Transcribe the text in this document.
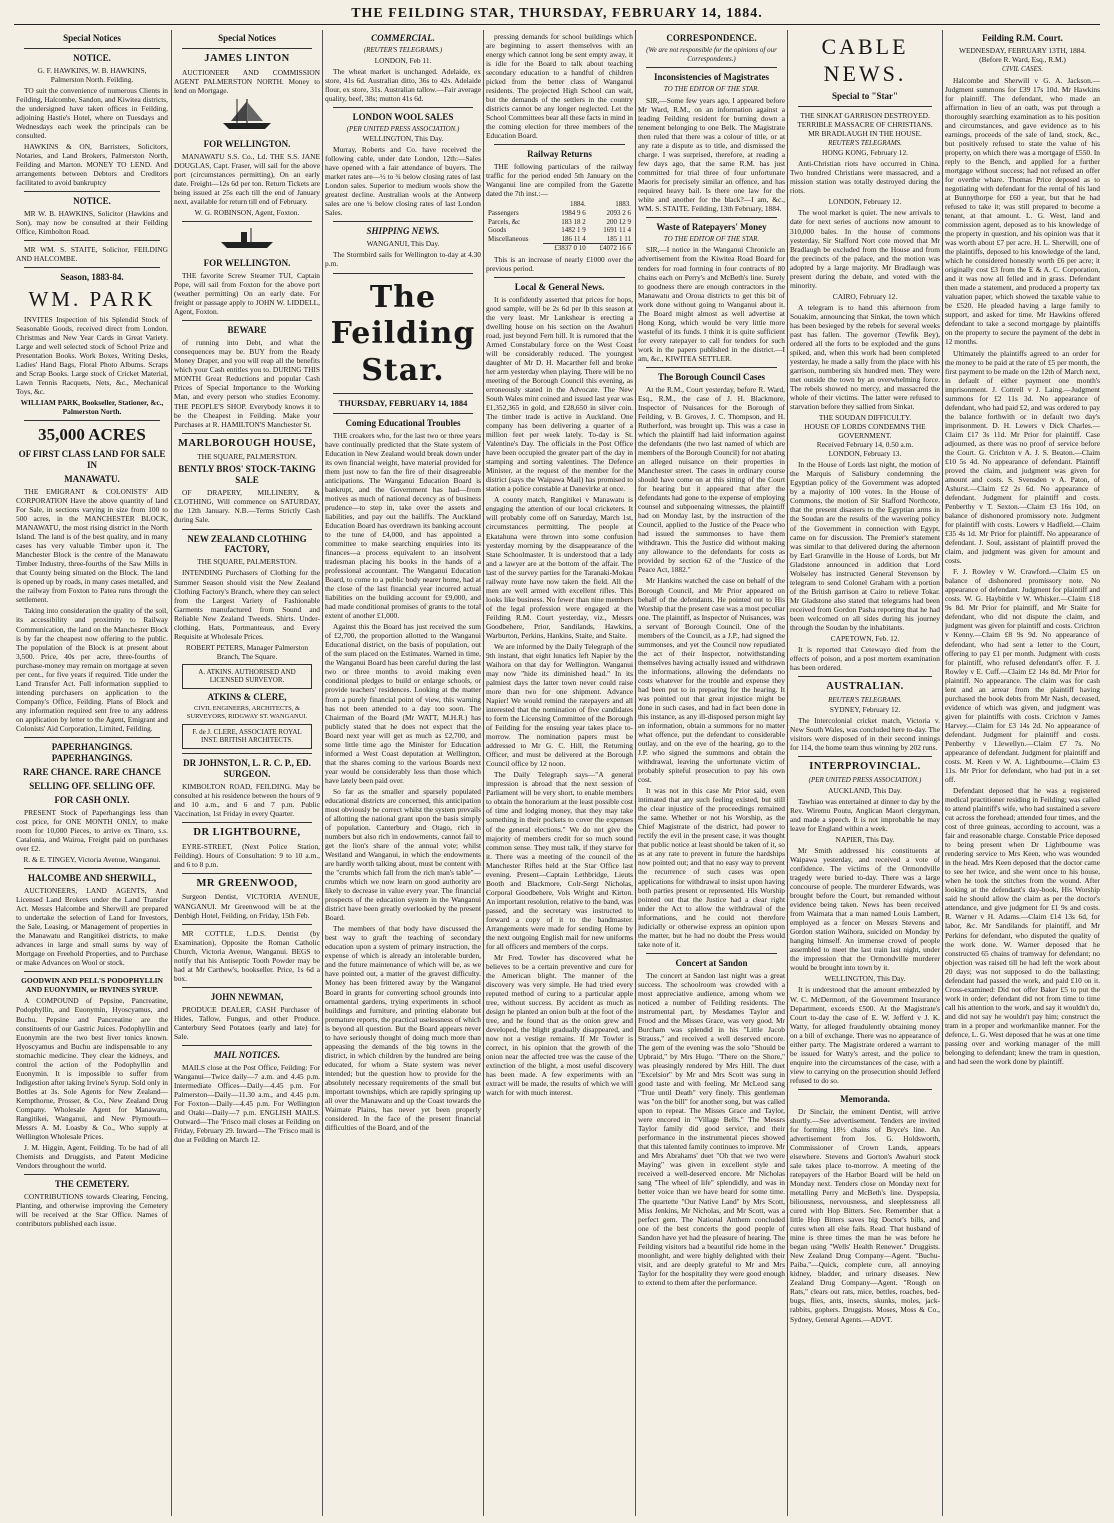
THE FEILDING STAR, THURSDAY, FEBRUARY 14, 1884.
Special Notices
NOTICE.
G. F. HAWKINS, W. B. HAWKINS,
Palmerston North. Feilding.
TO suit the convenience of numerous Clients in Feilding, Halcombe, Sandon, and Kiwitea districts, the undersigned have taken offices in Feilding, adjoining Hastie's Hotel, where on Tuesdays and Wednesdays each week the principals can be consulted.
HAWKINS & ON, Barristers, Solicitors, Notaries, and Land Brokers, Palmerston North, Feilding and Marton. MONEY TO LEND. And arrangements between Debtors and Creditors facilitated to avoid bankruptcy
NOTICE.
MR W. B. HAWKINS, Solicitor (Hawkins and Son), may now be consulted at their Feilding Office, Kimbolton Road.
MR WM. S. STAITE, Solicitor, FEILDING AND HALCOMBE.
Season, 1883-84.
WM. PARK
INVITES Inspection of his Splendid Stock of Seasonable Goods, received direct from London. Christmas and New Year Cards in Great Variety. Large and well selected stock of School Prize and Presentation Books. Work Boxes, Writing Desks, Ladies' Hand Bags, Floral Photo Albums. Scraps and Scrap Books. Large stock of Cricket Material, Lawn Tennis Racquets, Nets, &c., Mechanical Toys, &c.
WILLIAM PARK, Bookseller, Stationer, &c., Palmerston North.
35,000 ACRES
OF FIRST CLASS LAND FOR SALE IN
MANAWATU.
THE EMIGRANT & COLONISTS' AID CORPORATION Have the above quantity of land For Sale, in sections varying in size from 100 to 500 acres, in the MANCHESTER BLOCK, MANAWATU, the most rising district in the North Island. The land is of the best quality, and in many cases has very valuable Timber upon it. The Manchester Block is the centre of the Manawatu Timber Industry, three-fourths of the Saw Mills in that County being situated on the Block. The land is opened up by roads, in many cases metalled, and the railway from Foxton to Patea runs through the settlement.
Taking into consideration the quality of the soil, its accessibility and proximity to Railway Communication, the land on the Manchester Block is by far the cheapest now offering to the public. The population of the Block is at present about 3,500. Price, 40s per acre, three-fourths of purchase-money may remain on mortgage at seven per cent., for five years if required. Title under the Land Transfer Act. Full information supplied to intending purchasers on application to the Company's Office, Feilding. Plans of Block and any information required sent free to any address on application by letter to the Agent, Emigrant and Colonists' Aid Corporation, Limited, Feilding.
PAPERHANGINGS. PAPERHANGINGS.
RARE CHANCE. RARE CHANCE
SELLING OFF. SELLING OFF.
FOR CASH ONLY.
PRESENT Stock of Paperhangings less than cost price, for ONE MONTH ONLY, to make room for 10,000 Pieces, to arrive ex Tinaro, s.s. Catalonia, and Wairoa, Freight paid on purchases over £2.
R. & E. TINGEY, Victoria Avenue, Wanganui.
HALCOMBE AND SHERWILL,
AUCTIONEERS, LAND AGENTS, And Licensed Land Brokers under the Land Transfer Act. Messrs Halcombe and Sherwill are prepared to undertake the selection of Land for Investors, the Sale, Leasing, or Management of properties in the Manawatu and Rangitikei districts, to make advances in large and small sums by way of Mortgage on Freehold Properties, and to Purchase or make Advances on Wool or stock.
GOODWIN AND PELL'S PODOPHYLLIN AND EUONYMIN, or IRVINES SYRUP.
A COMPOUND of Pepsine, Pancreatine, Podophyllin, and Euonymin, Hyoscyamus, and Buchu. Pepsine and Pancreatine are the constituents of our Gastric Juices. Podophyllin and Euonymin are the two best liver tonics known. Hyoscyamus and Buchu are indispensable to any stomachic medicine. They clear the kidneys, and control the action of the Podophyllin and Euonymin. It is impossible to suffer from Indigestion after taking Irvine's Syrup. Sold only in Bottles at 3s. Sole Agents for New Zealand—Kempthorne, Prosser, & Co., New Zealand Drug Company. Wholesale Agent for Manawatu, Rangitikei, Wanganui, and New Plymouth—Messrs A. M. Loasby & Co., Who supply at Wellington Wholesale Prices.
J. M. Higgin, Agent, Feilding. To be had of all Chemists and Druggists, and Patent Medicine Vendors throughout the world.
THE CEMETERY.
CONTRIBUTIONS towards Clearing, Fencing, Planting, and otherwise improving the Cemetery will be received at the Star Office. Names of contributors published each issue.
Special Notices
JAMES LINTON
AUCTIONEER AND COMMISSION AGENT PALMERSTON NORTH. Money to lend on Mortgage.
FOR WELLINGTON.
MANAWATU S.S. Co., Ld. THE S.S. JANE DOUGLAS, Capt. Fraser, will sail for the above port (circumstances permitting), On an early date. Freight—12s 6d per ton. Return Tickets are being issued at 25s each till the end of January next, available for return till end of February.
W. G. ROBINSON, Agent, Foxton.
FOR WELLINGTON.
THE favorite Screw Steamer TUI, Captain Pope, will sail from Foxton for the above port (weather permitting) On an early date. For freight or passage apply to JOHN W. LIDDELL, Agent, Foxton.
BEWARE
of running into Debt, and what the consequences may be. BUY from the Ready Money Draper, and you will reap all the benefits which your Cash entitles you to. DURING THIS MONTH Great Reductions and popular Cash Prices of Special Importance to the Working Man, and every person who studies Economy. THE PEOPLE'S SHOP. Everybody knows it to be the Cheapest in Feilding. Make your Purchases at R. HAMILTON'S Manchester St.
MARLBOROUGH HOUSE,
THE SQUARE, PALMERSTON.
BENTLY BROS' STOCK-TAKING SALE
OF DRAPERY, MILLINERY, & CLOTHING, Will commence on SATURDAY, the 12th January. N.B.—Terms Strictly Cash during Sale.
NEW ZEALAND CLOTHING FACTORY,
THE SQUARE, PALMERSTON.
INTENDING Purchasers of Clothing for the Summer Season should visit the New Zealand Clothing Factory's Branch, where they can select from the Largest Variety of Fashionable Garments manufactured from Sound and Reliable New Zealand Tweeds. Shirts. Under-clothing, Hats, Portmanteaus, and Every Requisite at Wholesale Prices.
ROBERT PETERS, Manager Palmerston Branch, The Square.
A. ATKINS. AUTHORISED AND LICENSED SURVEYOR.
ATKINS & CLERE,
CIVIL ENGINEERS, ARCHITECTS, & SURVEYORS, RIDGWAY ST. WANGANUI.
F. de J. CLERE, ASSOCIATE ROYAL INST. BRITISH ARCHITECTS.
DR JOHNSTON, L. R. C. P., ED. SURGEON.
KIMBOLTON ROAD, FEILDING. May be consulted at his residence between the hours of 9 and 10 a.m., and 6 and 7 p.m. Public Vaccination, 1st Friday in every Quarter.
DR LIGHTBOURNE,
EYRE-STREET, (Next Police Station, Feilding). Hours of Consultation: 9 to 10 a.m., and 6 to 8 p.m.
MR GREENWOOD,
Surgeon Dentist, VICTORIA AVENUE, WANGANUI. Mr Greenwood will be at the Denbigh Hotel, Feilding, on Friday, 15th Feb.
MR COTTLE, L.D.S. Dentist (by Examination), Opposite the Roman Catholic Church, Victoria Avenue, Wanganui. BEGS to notify that his Antiseptic Tooth Powder may be had at Mr Carthew's, bookseller. Price, 1s 6d a box.
JOHN NEWMAN,
PRODUCE DEALER, CASH Purchaser of Hides, Tallow, Fungus, and other Produce. Canterbury Seed Potatoes (early and late) for Sale.
MAIL NOTICES.
MAILS close at the Post Office, Feilding: For Wanganui—Twice daily—7 a.m. and 4.45 p.m. Intermediate Offices—Daily—4.45 p.m. For Palmerston—Daily—11.30 a.m., and 4.45 p.m. For Foxton—Daily—4.45 p.m. For Wellington and Otaki—Daily—7 p.m. ENGLISH MAILS. Outward—The 'Frisco mail closes at Feilding on Friday, February 29. Inward—The 'Frisco mail is due at Feilding on March 12.
COMMERCIAL.
(REUTER'S TELEGRAMS.)
LONDON, Feb 11.
The wheat market is unchanged. Adelaide, ex store, 41s 6d. Australian ditto, 36s to 42s. Adelaide flour, ex store, 31s. Australian tallow.—Fair average quality, beef, 38s; mutton 41s 6d.
LONDON WOOL SALES
(PER UNITED PRESS ASSOCIATION.)
WELLINGTON, This Day.
Murray, Roberts and Co. have received the following cable, under date London, 12th:—Sales have opened with a fair attendance of buyers. The market rates are—½ to ¾ below closing rates of last London sales. Superior to medium wools show the greatest decline. Australian wools at the Antwerp sales are one ¼ below closing rates of last London Sales.
SHIPPING NEWS.
WANGANUI, This Day.
The Stormbird sails for Wellington to-day at 4.30 p.m.
The Feilding Star.
THURSDAY, FEBRUARY 14, 1884
Coming Educational Troubles
THE croakers who, for the last two or three years have continually predicted that the State system of Education in New Zealand would break down under its own financial weight, have material provided for them just now to fan the fire of their disagreeable anticipations. The Wanganui Education Board is bankrupt, and the Government has had—from motives as much of national decency as of business prudence—to step in, take over the assets and liabilities, and pay out the bailiffs. The Auckland Education Board has overdrawn its banking account to the tune of £4,000, and has appointed a committee to make searching enquiries into its finances—a process equivalent to an insolvent tradesman placing his books in the hands of a professional accountant. The Wanganui Education Board, to come to a public body nearer home, had at the close of the last financial year incurred actual liabilities on the building account for £9,000, and had made conditional promises of grants to the total extent of another £1,000.
Against this the Board has just received the sum of £2,700, the proportion allotted to the Wanganui Educational district, on the basis of population, out of the sum placed on the Estimates. Warned in time, the Wanganui Board has been careful during the last two or three months to avoid making even conditional pledges to build or enlarge schools, or provide teachers' residences. Looking at the matter from a purely financial point of view, this warning has not been attended to a day too soon. The Chairman of the Board (Mr WATT, M.H.R.) has publicly stated that he does not expect that the Board next year will get as much as £2,700, and some little time ago the Minister for Education informed a West Coast deputation at Wellington, that the shares coming to the various Boards next year would be considerably less than those which have lately been paid over.
So far as the smaller and sparsely populated educational districts are concerned, this anticipation most obviously be correct whilst the system prevails of allotting the national grant upon the basis simply of population. Canterbury and Otago, rich in numbers but also rich in endowments, cannot fail to get the lion's share of the annual vote; whilst Westland and Wanganui, in which the endowments are hardly worth talking about, must be content with the "crumbs which fall from the rich man's table"—crumbs which we now learn on good authority are likely to decrease in value every year. The financial prospects of the education system in the Wanganui district have been greatly overlooked by the present Board.
The members of that body have discussed the best way to graft the teaching of secondary education upon a system of primary instruction, the expense of which is already an intolerable burden, and the future maintenance of which will be, as we have pointed out, a matter of the gravest difficulty. Money has been frittered away by the Wanganui Board in grants for converting school grounds into ornamental gardens, trying experiments in school buildings and furniture, and printing elaborate but premature reports, the practical uselessness of which is beyond all question. But the Board appears never to have seriously thought of doing much more than appeasing the demands of the big towns in the district, in which children by the hundred are being educated, for whom a State system was never intended; but the question how to provide for the absolutely necessary requirements of the small but important townships, which are rapidly springing up all over the Manawatu and up the Coast towards the Waimate Plains, has never yet been properly considered. In the face of the present financial difficulties of the Board, and of the
pressing demands for school buildings which are beginning to assert themselves with an energy which cannot long be sent empty away, it is idle for the Board to talk about teaching secondary education to a handful of children picked from the better class of Wanganui residents. The projected High School can wait, but the demands of the settlers in the country districts cannot be any longer neglected. Let the School Committees bear all these facts in mind in the coming election for three members of the Education Board.
Railway Returns
THE following particulars of the railway traffic for the period ended 5th January on the Wanganui line are compiled from the Gazette dated the 7th inst.:—
	1884.	1883.
Passengers	1984 9 6	2093 2 6
Parcels, &c	183 18 2	200 12 9
Goods	1482 1 9	1691 11 4
Miscellaneous	186 11 4	185 1 11
	£3837 0 10	£4072 16 6
This is an increase of nearly £1000 over the previous period.
Local & General News.
It is confidently asserted that prices for hops, good sample, will be 2s 6d per lb this season at the very least. Mr Lankshear is erecting a dwelling house on his section on the Awahuri road, just beyond Fern hill. It is rumored that the Armed Constabulary force on the West Coast will be considerably reduced. The youngest daughter of Mr D. H. Macarther fell and broke her arm yesterday when playing. There will be no meeting of the Borough Council this evening, as erroneously stated in the Advocate. The New South Wales mint coined and issued last year was £1,352,365 in gold, and £28,650 in silver coin. The timber trade is active in Auckland. One company has been delivering a quarter of a million feet per week lately. To-day is St. Valentine's Day. The officials in the Post Office have been occupied the greater part of the day in stamping and sorting valentines. The Defence Minister, at the request of the member for the district (says the Waipawa Mail) has promised to station a police constable at Danevirke at once.
A county match, Rangitikei v Manawatu is engaging the attention of our local cricketers. It will probably come off on Saturday, March 1st, circumstances permitting. The people at Ekatahuna were thrown into some confusion yesterday morning by the disappearance of the State Schoolmaster. It is understood that a lady and a lawyer are at the bottom of the affair. The last of the survey parties for the Taranaki-Mokau railway route have now taken the field. All the men are well armed with excellent rifles. This looks like business. No fewer than nine members of the legal profession were engaged at the Feilding R.M. Court yesterday, viz., Messrs Goodbehere, Prior, Sandilands, Hawkins, Warburton, Perkins, Hankins, Staite, and Staite.
We are informed by the Daily Telegraph of the 9th instant, that eight lunatics left Napier by the Waihora on that day for Wellington. Wanganui may now "hide its diminished head." In its palmiest days the latter town never could raise more than two for one shipment. Advance Napier! We would remind the ratepayers and all interested that the nomination of five candidates to form the Licensing Committee of the Borough of Feilding for the ensuing year takes place to-morrow. The nomination papers must be addressed to Mr G. C. Hill, the Returning Officer, and must be delivered at the Borough Council office by 12 noon.
The Daily Telegraph says—"A general impression is abroad that the next session of Parliament will be very short, to enable members to obtain the honorarium at the least possible cost of time and lodging money, that they may take something in their pockets to cover the expenses of the general elections." We do not give the majority of members credit for so much sound common sense. They must talk, if they starve for it. There was a meeting of the council of the Manchester Rifles held at the Star Office last evening. Present—Captain Lethbridge, Lieuts Booth and Blackmore, Colr-Sergt Nicholas, Corporal Goodbehere, Vols Wright and Kirton. An important resolution, relative to the band, was passed, and the secretary was instructed to forward a copy of it to the bandmaster. Arrangements were made for sending Home by the next outgoing English mail for new uniforms for all officers and members of the corps.
Mr Fred. Towler has discovered what he believes to be a certain preventive and cure for the American blight. The manner of the discovery was very simple. He had tried every reputed method of curing to a particular apple tree, without success. By accident as much as design he planted an onion bulb at the foot of the tree, and he found that as the onion grew and developed, the blight gradually disappeared, and now not a vestige remains. If Mr Towler is correct, in his opinion that the growth of the onion near the affected tree was the cause of the extinction of the blight, a most useful discovery has been made. A few experiments with an extract will be made, the results of which we will watch for with much interest.
CORRESPONDENCE.
(We are not responsible for the opinions of our Correspondents.)
Inconsistencies of Magistrates
TO THE EDITOR OF THE STAR.
SIR,—Some few years ago, I appeared before Mr Ward, R.M., on an information against a leading Feilding resident for burning down a tenement belonging to one Belk. The Magistrate then ruled that there was a colour of title, or at any rate a dispute as to title, and dismissed the charge. I was surprised, therefore, at reading a few days ago, that the same R.M. has just committed for trial three of four unfortunate Maoris for precisely similar an offence, and has required heavy bail. Is there one law for the white and another for the black?—I am, &c., WM. S. STAITE. Feilding, 13th February, 1884.
Waste of Ratepayers' Money
TO THE EDITOR OF THE STAR.
SIR,—I notice in the Wanganui Chronicle an advertisement from the Kiwitea Road Board for tenders for road forming in four contracts of 80 chains each on Perry's and McBeth's line. Surely to goodness there are enough contractors in the Manawatu and Oroua districts to get this bit of work done without going to Wanganui about it. The Board might almost as well advertise at Hong Kong, which would be very little more wasteful of its funds. I think it is quite sufficient for every ratepayer to call for tenders for such work in the papers published in the district.—I am, &c., KIWITEA SETTLER.
The Borough Council Cases
At the R.M., Court yesterday, before R. Ward, Esq., R.M., the case of J. H. Blackmore, Inspector of Nuisances for the Borough of Feilding, v. B. Groves, J. C. Thompson, and H. Rutherford, was brought up. This was a case in which the plaintiff had laid information against the defendants (the two last named of which are members of the Borough Council) for not abating an alleged nuisance on their properties in Manchester street. The cases in ordinary course should have come on at this sitting of the Court for hearing but it appeared that after the defendants had gone to the expense of employing counsel and subpoenaing witnesses, the plaintiff had on Monday last, by the instruction of the Council, applied to the Justice of the Peace who had issued the summonses to have them withdrawn. This the Justice did without making any allowance to the defendants for costs as provided by section 62 of the "Justice of the Peace Act, 1882."
Mr Hankins watched the case on behalf of the Borough Council, and Mr Prior appeared on behalf of the defendants. He pointed out to His Worship that the present case was a most peculiar one. The plaintiff, as Inspector of Nuisances, was a servant of Borough Council. One of the members of the Council, as a J.P., had signed the summonses, and yet the Council now repudiated the act of their Inspector, notwithstanding themselves having actually issued and withdrawn the informations, allowing the defendants no costs whatever for the trouble and expense they had been put to in preparing for the hearing. It was pointed out that great injustice might be done in such cases, and had in fact been done in this instance, as any ill-disposed person might lay an information, obtain a summons for no matter what offence, put the defendant to considerable outlay, and on the eve of the hearing, go to the J.P. who signed the summons and obtain the withdrawal, leaving the unfortunate victim of probably spiteful prosecution to pay his own cost.
It was not in this case Mr Prior said, even intimated that any such feeling existed, but still the clear injustice of the proceedings remained the same. Whether or not his Worship, as the Chief Magistrate of the district, had power to rectify the evil in the present case, it was thought that public notice at least should be taken of it, so as at any rate to prevent in future the hardships now pointed out; and that no easy way to prevent the recurrence of such cases was open applications for withdrawal to insist upon having both parties present or represented. His Worship pointed out that the Justice had a clear right under the Act to allow the withdrawal of the informations, and he could not therefore judicially or otherwise express an opinion upon the matter, but he had no doubt the Press would take note of it.
Concert at Sandon
The concert at Sandon last night was a great success. The schoolroom was crowded with a most appreciative audience, among whom we noticed a number of Feilding residents. The instrumental part, by Mesdames Taylor and Frood and the Misses Grace, was very good. Mr Burcham was splendid in his "Little Jacob Strauss," and received a well deserved encore. The gem of the evening was the solo "Should be Upbraid," by Mrs Hugo. "There on the Shore," was pleasingly rendered by Mrs Hill. The duet "Excelsior" by Mr and Mrs Scott was sung in good taste and with feeling. Mr McLeod sang "True until Death" very finely. This gentleman was "on the bill" for another song, but was called upon to repeat. The Misses Grace and Taylor, were encored in "Village Bells." The Messrs Taylor family did good service, and their performance in the instrumental pieces showed that this talented family continues to improve. Mr and Mrs Abrahams' duet "Oh that we two were Maying" was given in excellent style and received a well-deserved encore. Mr Nicholas sang "The wheel of life" splendidly, and was in better voice than we have heard for some time. The quartette "Our Native Land" by Mrs Scott, Miss Jenkins, Mr Nicholas, and Mr Scott, was a perfect gem. The National Anthem concluded one of the best concerts the good people of Sandon have yet had the pleasure of hearing. The Feilding visitors had a beautiful ride home in the moonlight, and were highly delighted with their visit, and are deeply grateful to Mr and Mrs Taylor for the hospitality they were good enough to extend to them after the performance.
CABLE NEWS.
Special to "Star"
THE SINKAT GARRISON DESTROYED.
TERRIBLE MASSACRE OF CHRISTIANS.
MR BRADLAUGH IN THE HOUSE.
REUTER'S TELEGRAMS.
HONG KONG, February 12.
Anti-Christian riots have occurred in China. Two hundred Christians were massacred, and a mission station was totally destroyed during the riots.
LONDON, February 12.
The wool market is quiet. The new arrivals to date for next series of auctions now amount to 310,000 bales. In the house of commons yesterday, Sir Stafford Nort cote moved that Mr Bradlaugh be excluded from the House and from the precincts of the palace, and the motion was adopted by a large majority. Mr Bradlaugh was present during the debate, and voted with the minority.
CAIRO, February 12.
A telegram is to hand this afternoon from Souakim, announcing that Sinkat, the town which has been besieged by the rebels for several weeks past has fallen. The governor (Tewfik Bey), ordered all the forts to be exploded and the guns spiked, and, when this work had been completed yesterday, he made a sally from the place with his garrison, numbering six hundred men. They were met outside the town by an overwhelming force. The rebels showed no mercy, and massacred the whole of their victims. The latter were refused to starvation before they sallied from Sinkat.
THE SOUDAN DIFFICULTY.
HOUSE OF LORDS CONDEMNS THE GOVERNMENT.
Received February 14, 0.50 a.m.
LONDON, February 13.
In the House of Lords last night, the motion of the Marquis of Salisbury condemning the Egyptian policy of the Government was adopted by a majority of 100 votes. In the House of Commons, the motion of Sir Stafford Northcote, that the present disasters to the Egyptian arms in the Soudan are the results of the wavering policy of the Government in connection with Egypt, came on for discussion. The Premier's statement was similar to that delivered during the afternoon by Earl Granville in the House of Lords, but Mr Gladstone announced in addition that Lord Wolseley has instructed General Stevenson by telegram to send Colonel Graham with a portion of the British garrison at Cairo to relieve Tokar. Mr Gladstone also stated that telegrams had been received from Gordon Pasha reporting that he had been welcomed on all sides during his journey through the Soudan by the inhabitants.
CAPETOWN, Feb. 12.
It is reported that Cetewayo died from the effects of poison, and a post mortem examination has been ordered.
AUSTRALIAN.
REUTER'S TELEGRAMS.
SYDNEY, February 12.
The Intercolonial cricket match, Victoria v. New South Wales, was concluded here to-day. The visitors were disposed of in their second innings for 114, the home team thus winning by 202 runs.
INTERPROVINCIAL.
(PER UNITED PRESS ASSOCIATION.)
AUCKLAND, This Day.
Tawhiao was entertained at dinner to day by the Rev. Wiremu Poutu, Anglican Maori clergyman, and made a speech. It is not improbable he may leave for England within a week.
NAPIER, This Day.
Mr Smith addressed his constituents at Waipawa yesterday, and received a vote of confidence. The victims of the Ormondville tragedy were buried to-day. There was a large concourse of people. The murderer Edwards, was brought before the Court, but remanded without evidence being taken. News has been received from Waimata that a man named Louis Lambert, employed as a fencer on Messrs Stevens and Gordon station Waihora, suicided on Monday by hanging himself. An immense crowd of people assembled to meet the last train last night, under the impression that the Ormondville murderer would be brought into town by it.
WELLINGTON, This Day.
It is understood that the amount embezzled by W. C. McDermott, of the Government Insurance Department, exceeds £500. At the Magistrate's Court to-day the case of E. W. Jefferd v J. K. Watty, for alleged fraudulently obtaining money on a bill of exchange. There was no appearance of either party. The Magistrate ordered a warrant to be issued for Watty's arrest, and the police to enquire into the circumstances of the case, with a view to carrying on the prosecution should Jefferd refused to do so.
Memoranda.
Dr Sinclair, the eminent Dentist, will arrive shortly.—See advertisement. Tenders are invited for forming 18½ chains of Bryce's line. An advertisement from Jos. G. Holdsworth, Commissioner of Crown Lands, appears elsewhere. Stevens and Gorton's Awahuri stock sale takes place to-morrow. A meeting of the ratepayers of the Harbor Board will be held on Monday next. Tenders close on Monday next for metalling Perry and McBeth's line. Dyspepsia, biliousness, nervousness, and sleeplessness all cured with Hop Bitters. See. Remember that a little Hop Bitters saves big Doctor's bills, and cures when all else fails. Read. That husband of mine is three times the man he was before he began using "Wells' Health Renewer." Druggists. New Zealand Drug Company—Agent. "Buchu-Paiba."—Quick, complete cure, all annoying kidney, bladder, and urinary diseases. New Zealand Drug Company—Agent. "Rough on Rats," clears out rats, mice, bettles, roaches, bed-bugs, flies, ants, insects, skunks, moles, jack-rabbits, gophers. Druggists. Moses, Moss & Co., Sydney, General Agents.—ADVT.
Feilding R.M. Court.
WEDNESDAY, FEBRUARY 13TH, 1884.
(Before R. Ward, Esq., R.M.)
CIVIL CASES.
Halcombe and Sherwill v G. A. Jackson.—Judgment summons for £39 17s 10d. Mr Hawkins for plaintiff. The defendant, who made an affirmation in lieu of an oath, was put through a thoroughly searching examination as to his position and circumstances, and gave evidence as to his earnings, proceeds of the sale of land, stock, &c., but positively refused to state the value of his property, on which there was a mortgage of £550. In reply to the Bench, and applied for a further mortgage without success; had not refused an offer for overthe whare. Thomas Price deposed as to negotiating with defendant for the rental of his land at Bunnythorpe for £60 a year, but that he had refused to take it; was still prepared to become a tenant, at that amount. L. G. West, land and commission agent, deposed as to his knowledge of the property in question, and his opinion was that it was worth about £7 per acre. H. L. Sherwill, one of the plaintiffs, deposed to his knowledge of the land, which he considered honestly worth £6 per acre; it originally cost £3 from the E & A. C. Corporation, and it was now all felled and in grass. Defendant then made a statement, and produced a property tax valuation paper, which showed the taxable value to be £520. He pleaded having a large family to support, and asked for time. Mr Hawkins offered defendant to take a second mortgage by plaintiffs on the property to secure the payment of the debt in 12 months.
Ultimately the plaintiffs agreed to an order for the money to be paid at the rate of £5 per month, the first payment to be made on the 12th of March next, in default of either payment one month's imprisonment. J. Cottrell v J. Laing.—Judgment summons for £2 11s 3d. No appearance of defendant, who had paid £2, and was ordered to pay the balance forthwith or in default two day's imprisonment. D. H. Lewers v Dick Charles.—Claim £17 3s 11d. Mr Prior for plaintiff. Case adjourned, as there was no proof of service before the Court. G. Crichton v A. J. S. Beaton.—Claim £10 5s 4d. No appearance of defendant. Plaintiff proved the claim, and judgment was given for amount and costs. S. Svensden v A. Paton, of Ashurst.—Claim £2 2s 6d. No appearance of defendant. Judgment for plaintiff and costs. Penberthy v T. Sexton.—Claim £3 16s 10d, on balance of dishonored promissory note. Judgment for plaintiff with costs. Lowers v Hadfield.—Claim £35 4s 1d. Mr Prior for plaintiff. No appearance of defendant. J. Soul, assistant of plaintiff proved the claim, and judgment was given for amount and costs.
F. J. Rowley v W. Crawford.—Claim £5 on balance of dishonored promissory note. No appearance of defendant. Judgment for plaintiff and costs. W. G. Haybittle v W. Whisker.—Claim £18 9s 8d. Mr Prior for plaintiff, and Mr Staite for defendant, who did not dispute the claim, and judgment was given for plaintiff and costs. Crichton v Kenny.—Claim £8 9s 9d. No appearance of defendant, who had sent a letter to the Court, offering to pay £1 per month. Judgment with costs for plaintiff, who refused defendant's offer. F. J. Rowley v E. Cuff.—Claim £2 14s 8d. Mr Prior for plaintiff. No appearance. The claim was for cash lent and an arrear from the plaintiff having purchased the book debts from Mr Nash, deceased, evidence of which was given, and judgment was given for plaintiffs with costs. Crichton v James Harvey.—Claim for £3 14s 2d. No appearance of defendant. Judgment for plaintiff and costs. Penberthy v Llewellyn.—Claim £7 7s. No appearance of defendant. Judgment for plaintiff and costs. M. Keen v W. A. Lightbourne.—Claim £3 11s. Mr Prior for defendant, who had put in a set off.
Defendant deposed that he was a registered medical practitioner residing in Feilding; was called to attend plaintiff's wife, who had sustained a severe cut across the forehead; attended four times, and the cost of three guineas, according to account, was a fair and reasonable charge. Constable Price deposed to being present when Dr Lightbourne was rendering service to Mrs Keen, who was wounded in the head. Mrs Keen deposed that the doctor came to see her twice, and she went once to his house, when he took the stitches from the wound. After looking at the defendant's day-book, His Worship said he should allow the claim as per the doctor's attendance, and give judgment for £1 9s and costs. R. Warner v H. Adams.—Claim £14 13s 6d, for labor, &c. Mr Sandilands for plaintiff, and Mr Perkins for defendant, who disputed the quality of the work done. W. Warner deposed that he constructed 65 chains of tramway for defendant; no objection was raised till he had left the work about 20 days; was not supposed to do the ballasting; defendant had passed the work, and paid £10 on it. Cross-examined: Did not offer Baker £5 to put the work in order; defendant did not from time to time call his attention to the work, and say it wouldn't do, and did not say he wouldn't pay him; construct the tram in a proper and workmanlike manner. For the defence, L. G. West deposed that he was at one time passing over and working manager of the mill belonging to defendant; knew the tram in question, and had seen the work done by plaintiff.
